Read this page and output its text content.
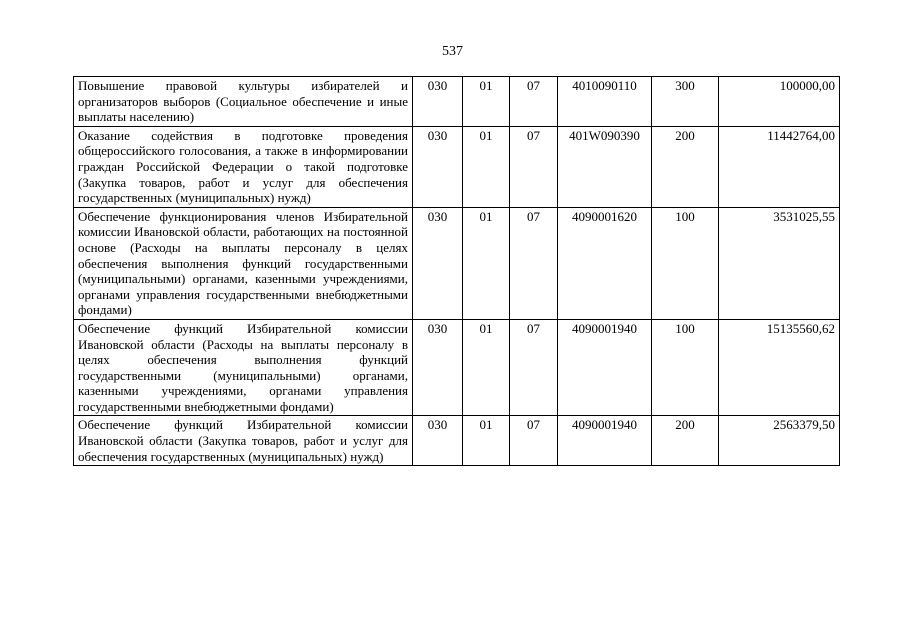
537
Повышение правовой культуры избирателей и организаторов выборов (Социальное обеспечение и иные выплаты населению)	030	01	07	4010090110	300	100000,00
Оказание содействия в подготовке проведения общероссийского голосования, а также в информировании граждан Российской Федерации о такой подготовке (Закупка товаров, работ и услуг для обеспечения государственных (муниципальных) нужд)	030	01	07	401W090390	200	11442764,00
Обеспечение функционирования членов Избирательной комиссии Ивановской области, работающих на постоянной основе (Расходы на выплаты персоналу в целях обеспечения выполнения функций государственными (муниципальными) органами, казенными учреждениями, органами управления государственными внебюджетными фондами)	030	01	07	4090001620	100	3531025,55
Обеспечение функций Избирательной комиссии Ивановской области (Расходы на выплаты персоналу в целях обеспечения выполнения функций государственными (муниципальными) органами, казенными учреждениями, органами управления государственными внебюджетными фондами)	030	01	07	4090001940	100	15135560,62
Обеспечение функций Избирательной комиссии Ивановской области (Закупка товаров, работ и услуг для обеспечения государственных (муниципальных) нужд)	030	01	07	4090001940	200	2563379,50
